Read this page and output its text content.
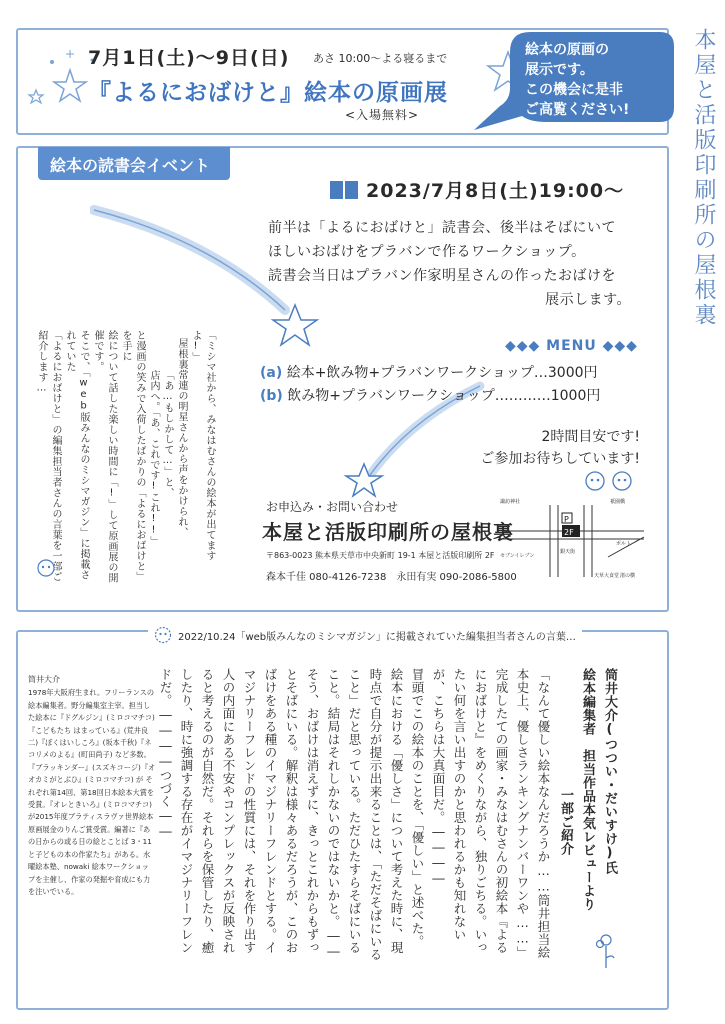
本屋と活版印刷所の屋根裏
7月1日(土)〜9日(日) あさ 10:00〜よる寝るまで
『よるにおばけと』絵本の原画展
<入場無料>
絵本の原画の
展示です。
この機会に是非
ご高覧ください!
絵本の読書会イベント
2023/7月8日(土)19:00〜
前半は「よるにおばけと」読書会、後半はそばにいて
ほしいおばけをプラバンで作るワークショップ。
読書会当日はプラバン作家明星さんの作ったおばけを
展示します。
◆◆◆ MENU ◆◆◆
(a) 絵本+飲み物+プラバンワークショップ…3000円
(b) 飲み物+プラバンワークショップ…………1000円
2時間目安です!
ご参加お待ちしています!
お申込み・お問い合わせ
本屋と活版印刷所の屋根裏
〒863-0023 熊本県天草市中央新町 19-1 本屋と活版印刷所 2F
森本千佳 080-4126-7238　永田有実 090-2086-5800
2F
P
諏訪神社	祇園橋
天草大食堂
セブンイレブン
ポルト
銀天街
渚の横
「ミシマ社から、みなはむさんの絵本が出てますよ!」
屋根裏常連の明星さんから声をかけられ、
「あ…もしかして…」と、
店内へ。「あ、これです!これ!!」
と漫画の笑みで入荷したばかりの「よるにおばけと」を手に
絵について話した楽しい時間に「!」して原画展の開催です。
そこで、「web版みんなのミシマガジン」に掲載されていた
「よるにおばけと」の編集担当者さんの言葉を一部ご紹介します…
2022/10.24「web版みんなのミシマガジン」に掲載されていた編集担当者さんの言葉…
筒井大介(つつい・だいすけ)氏
絵本編集者　担当作品本気レビューより
一部ご紹介
「なんて優しい絵本なんだろうか……筒井担当絵
本史上、優しさランキングナンバーワンや……」
完成したての画家・みなはむさんの初絵本『よる
におばけと』をめくりながら、独りごちる。いっ
たい何を言い出すのかと思われるかも知れない
が、こちらは大真面目だ。――――
冒頭でこの絵本のことを、「優しい」と述べた。
絵本における「優しさ」について考えた時に、現
時点で自分が提示出来ることは、「ただそばにいる
こと」だと思っている。ただひたすらそばにいる
こと。結局はそれしかないのではないかと。――
そう、おばけは消えずに、きっとこれからもずっ
とそばにいる。解釈は様々あるだろうが、このお
ばけをある種のイマジナリーフレンドとする。イ
マジナリーフレンドの性質には、それを作り出す
人の内面にある不安やコンプレックスが反映され
ると考えるのが自然だ。それらを保管したり、癒
したり、時に強調する存在がイマジナリーフレン
ドだ。――――つづく――
筒井大介
1978年大阪府生まれ。フリーランスの絵本編集者。野分編集室主宰。担当した絵本に『ドグルジン』(ミロコマチコ)『こどもたち はまっている』(荒井良二)『ぼくはいしころ』(坂本千秋)『ネコリメのよる』(町田尚子) など多数。『ブラッキンダー』(スズキコージ)『オオカミがとぶひ』(ミロコマチコ) が それぞれ第14回、第18回日本絵本大賞を受賞。『オレときいろ』(ミロコマチコ) が2015年度ブラティスラヴァ世界絵本原画展金のりんご賞受賞。編著に『あの日からの或る日の絵とことば 3・11と子どもの本の作家たち』がある。水曜絵本塾、nowaki 絵本ワークショップを主催し、作家の発掘や育成にも力を注いでいる。
